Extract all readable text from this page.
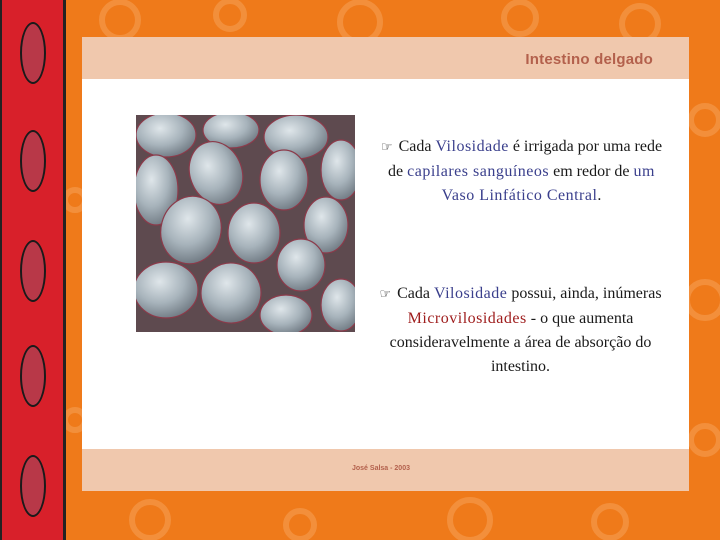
Intestino delgado
☞ Cada Vilosidade é irrigada por uma rede de capilares sanguíneos em redor de um Vaso Linfático Central.
☞ Cada Vilosidade possui, ainda, inúmeras Microvilosidades - o que aumenta consideravelmente a área de absorção do intestino.
José Salsa - 2003
